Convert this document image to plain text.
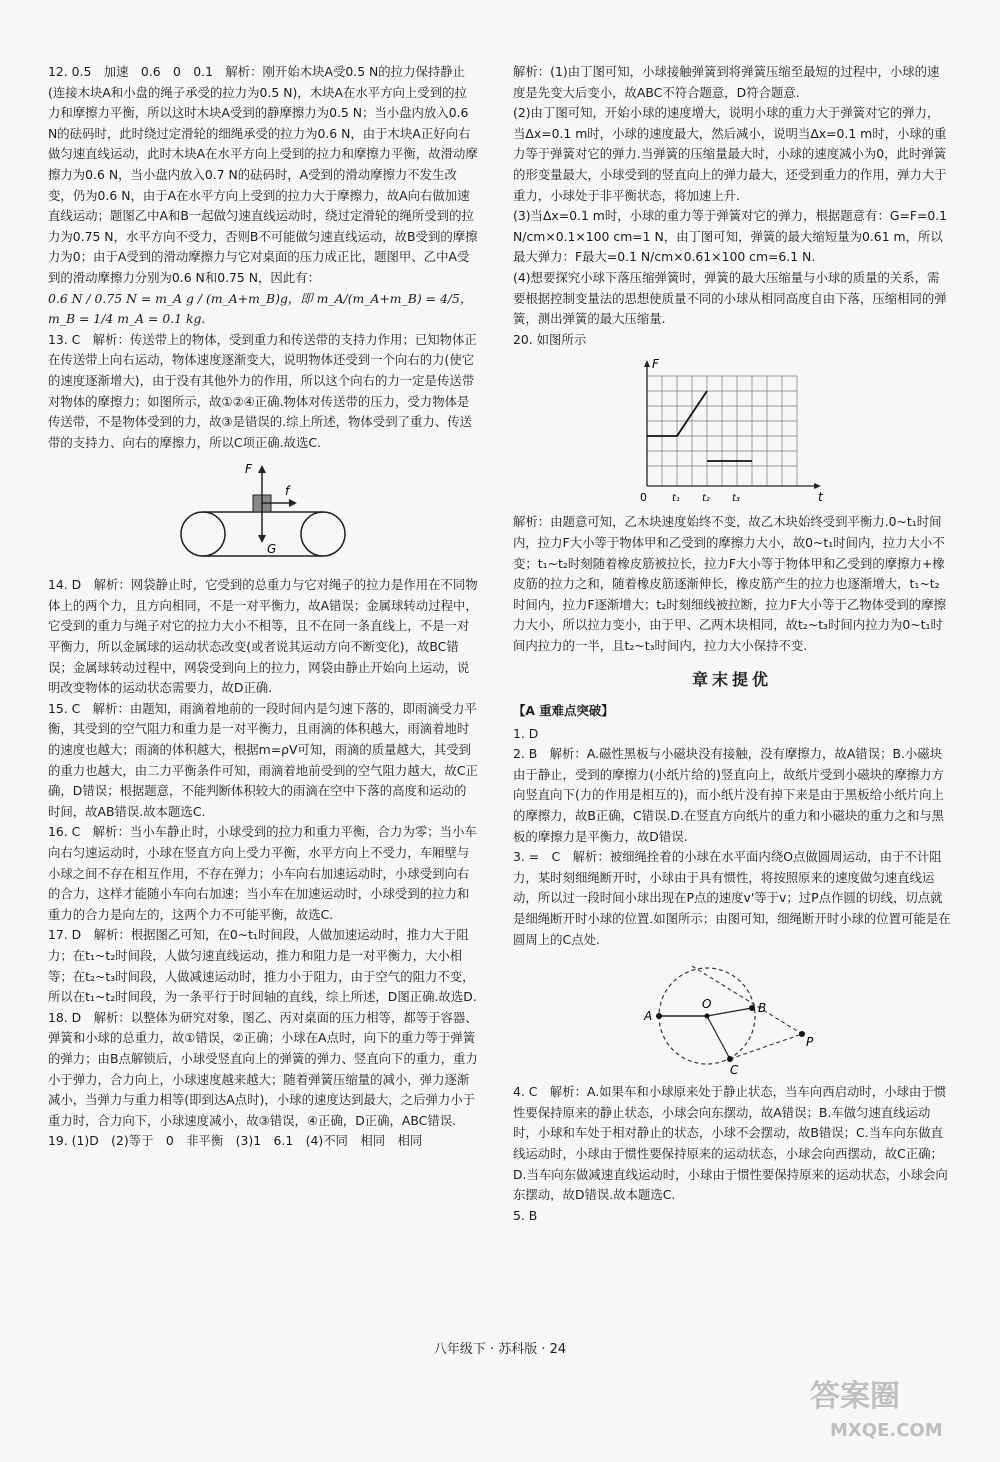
12. 0.5　加速　0.6　0　0.1　解析：刚开始木块A受0.5 N的拉力保持静止(连接木块A和小盘的绳子承受的拉力为0.5 N)，木块A在水平方向上受到的拉力和摩擦力平衡，所以这时木块A受到的静摩擦力为0.5 N；当小盘内放入0.6 N的砝码时，此时绕过定滑轮的细绳承受的拉力为0.6 N，由于木块A正好向右做匀速直线运动，此时木块A在水平方向上受到的拉力和摩擦力平衡，故滑动摩擦力为0.6 N，当小盘内放入0.7 N的砝码时，A受到的滑动摩擦力不发生改变，仍为0.6 N，由于A在水平方向上受到的拉力大于摩擦力，故A向右做加速直线运动；题图乙中A和B一起做匀速直线运动时，绕过定滑轮的绳所受到的拉力为0.75 N，水平方向不受力，否则B不可能做匀速直线运动，故B受到的摩擦力为0；由于A受到的滑动摩擦力与它对桌面的压力成正比，题图甲、乙中A受到的滑动摩擦力分别为0.6 N和0.75 N，因此有：

0.6 N / 0.75 N = m_A g / (m_A+m_B)g，即 m_A/(m_A+m_B) = 4/5，m_B = 1/4 m_A = 0.1 kg.

13. C　解析：传送带上的物体，受到重力和传送带的支持力作用；已知物体正在传送带上向右运动，物体速度逐渐变大，说明物体还受到一个向右的力(使它的速度逐渐增大)，由于没有其他外力的作用，所以这个向右的力一定是传送带对物体的摩擦力；如图所示，故①②④正确.物体对传送带的压力，受力物体是传送带，不是物体受到的力，故③是错误的.综上所述，物体受到了重力、传送带的支持力、向右的摩擦力，所以C项正确.故选C.

F
f
G

14. D　解析：网袋静止时，它受到的总重力与它对绳子的拉力是作用在不同物体上的两个力，且方向相同，不是一对平衡力，故A错误；金属球转动过程中，它受到的重力与绳子对它的拉力大小不相等，且不在同一条直线上，不是一对平衡力，所以金属球的运动状态改变(或者说其运动方向不断变化)，故BC错误；金属球转动过程中，网袋受到向上的拉力，网袋由静止开始向上运动，说明改变物体的运动状态需要力，故D正确.

15. C　解析：由题知，雨滴着地前的一段时间内是匀速下落的，即雨滴受力平衡，其受到的空气阻力和重力是一对平衡力，且雨滴的体积越大，雨滴着地时的速度也越大；雨滴的体积越大，根据m=ρV可知，雨滴的质量越大，其受到的重力也越大，由二力平衡条件可知，雨滴着地前受到的空气阻力越大，故C正确，D错误；根据题意，不能判断体积较大的雨滴在空中下落的高度和运动的时间，故AB错误.故本题选C.

16. C　解析：当小车静止时，小球受到的拉力和重力平衡，合力为零；当小车向右匀速运动时，小球在竖直方向上受力平衡，水平方向上不受力，车厢壁与小球之间不存在相互作用，不存在弹力；小车向右加速运动时，小球受到向右的合力，这样才能随小车向右加速；当小车在加速运动时，小球受到的拉力和重力的合力是向左的，这两个力不可能平衡，故选C.

17. D　解析：根据图乙可知，在0~t₁时间段，人做加速运动时，推力大于阻力；在t₁~t₂时间段，人做匀速直线运动，推力和阻力是一对平衡力，大小相等；在t₂~t₃时间段，人做减速运动时，推力小于阻力，由于空气的阻力不变，所以在t₁~t₂时间段，为一条平行于时间轴的直线，综上所述，D图正确.故选D.

18. D　解析：以整体为研究对象，图乙、丙对桌面的压力相等，都等于容器、弹簧和小球的总重力，故①错误，②正确；小球在A点时，向下的重力等于弹簧的弹力；由B点解锁后，小球受竖直向上的弹簧的弹力、竖直向下的重力，重力小于弹力，合力向上，小球速度越来越大；随着弹簧压缩量的减小，弹力逐渐减小，当弹力与重力相等(即到达A点时)，小球的速度达到最大，之后弹力小于重力时，合力向下，小球速度减小，故③错误，④正确，D正确，ABC错误.

19. (1)D　(2)等于　0　非平衡　(3)1　6.1　(4)不同　相同　相同

解析：(1)由丁图可知，小球接触弹簧到将弹簧压缩至最短的过程中，小球的速度是先变大后变小，故ABC不符合题意，D符合题意.

(2)由丁图可知，开始小球的速度增大，说明小球的重力大于弹簧对它的弹力，当Δx=0.1 m时，小球的速度最大，然后减小，说明当Δx=0.1 m时，小球的重力等于弹簧对它的弹力.当弹簧的压缩量最大时，小球的速度减小为0，此时弹簧的形变量最大，小球受到的竖直向上的弹力最大，还受到重力的作用，弹力大于重力，小球处于非平衡状态，将加速上升.

(3)当Δx=0.1 m时，小球的重力等于弹簧对它的弹力，根据题意有：G=F=0.1 N/cm×0.1×100 cm=1 N，由丁图可知，弹簧的最大缩短量为0.61 m，所以最大弹力：F最大=0.1 N/cm×0.61×100 cm=6.1 N.

(4)想要探究小球下落压缩弹簧时，弹簧的最大压缩量与小球的质量的关系，需要根据控制变量法的思想使质量不同的小球从相同高度自由下落，压缩相同的弹簧，测出弹簧的最大压缩量.

20. 如图所示

F
t
0	t₁ t₂ t₃

解析：由题意可知，乙木块速度始终不变，故乙木块始终受到平衡力.0~t₁时间内，拉力F大小等于物体甲和乙受到的摩擦力大小，故0~t₁时间内，拉力大小不变；t₁~t₂时刻随着橡皮筋被拉长，拉力F大小等于物体甲和乙受到的摩擦力+橡皮筋的拉力之和，随着橡皮筋逐渐伸长，橡皮筋产生的拉力也逐渐增大，t₁~t₂时间内，拉力F逐渐增大；t₂时刻细线被拉断，拉力F大小等于乙物体受到的摩擦力大小，所以拉力变小，由于甲、乙两木块相同，故t₂~t₃时间内拉力为0~t₁时间内拉力的一半，且t₂~t₃时间内，拉力大小保持不变.

章末提优
【A 重难点突破】

1. D

2. B　解析：A.磁性黑板与小磁块没有接触，没有摩擦力，故A错误；B.小磁块由于静止，受到的摩擦力(小纸片给的)竖直向上，故纸片受到小磁块的摩擦力方向竖直向下(力的作用是相互的)，而小纸片没有掉下来是由于黑板给小纸片向上的摩擦力，故B正确，C错误.D.在竖直方向纸片的重力和小磁块的重力之和与黑板的摩擦力是平衡力，故D错误.

3. =　C　解析：被细绳拴着的小球在水平面内绕O点做圆周运动，由于不计阻力，某时刻细绳断开时，小球由于具有惯性，将按照原来的速度做匀速直线运动，所以过一段时间小球出现在P点的速度v'等于v；过P点作圆的切线，切点就是细绳断开时小球的位置.如图所示；由图可知，细绳断开时小球的位置可能是在圆周上的C点处.

A
O	B
P
C

4. C　解析：A.如果车和小球原来处于静止状态，当车向西启动时，小球由于惯性要保持原来的静止状态，小球会向东摆动，故A错误；B.车做匀速直线运动时，小球和车处于相对静止的状态，小球不会摆动，故B错误；C.当车向东做直线运动时，小球由于惯性要保持原来的运动状态，小球会向西摆动，故C正确；D.当车向东做减速直线运动时，小球由于惯性要保持原来的运动状态，小球会向东摆动，故D错误.故本题选C.

5. B

八年级下 · 苏科版 · 24
答案圈
MXQE.COM
